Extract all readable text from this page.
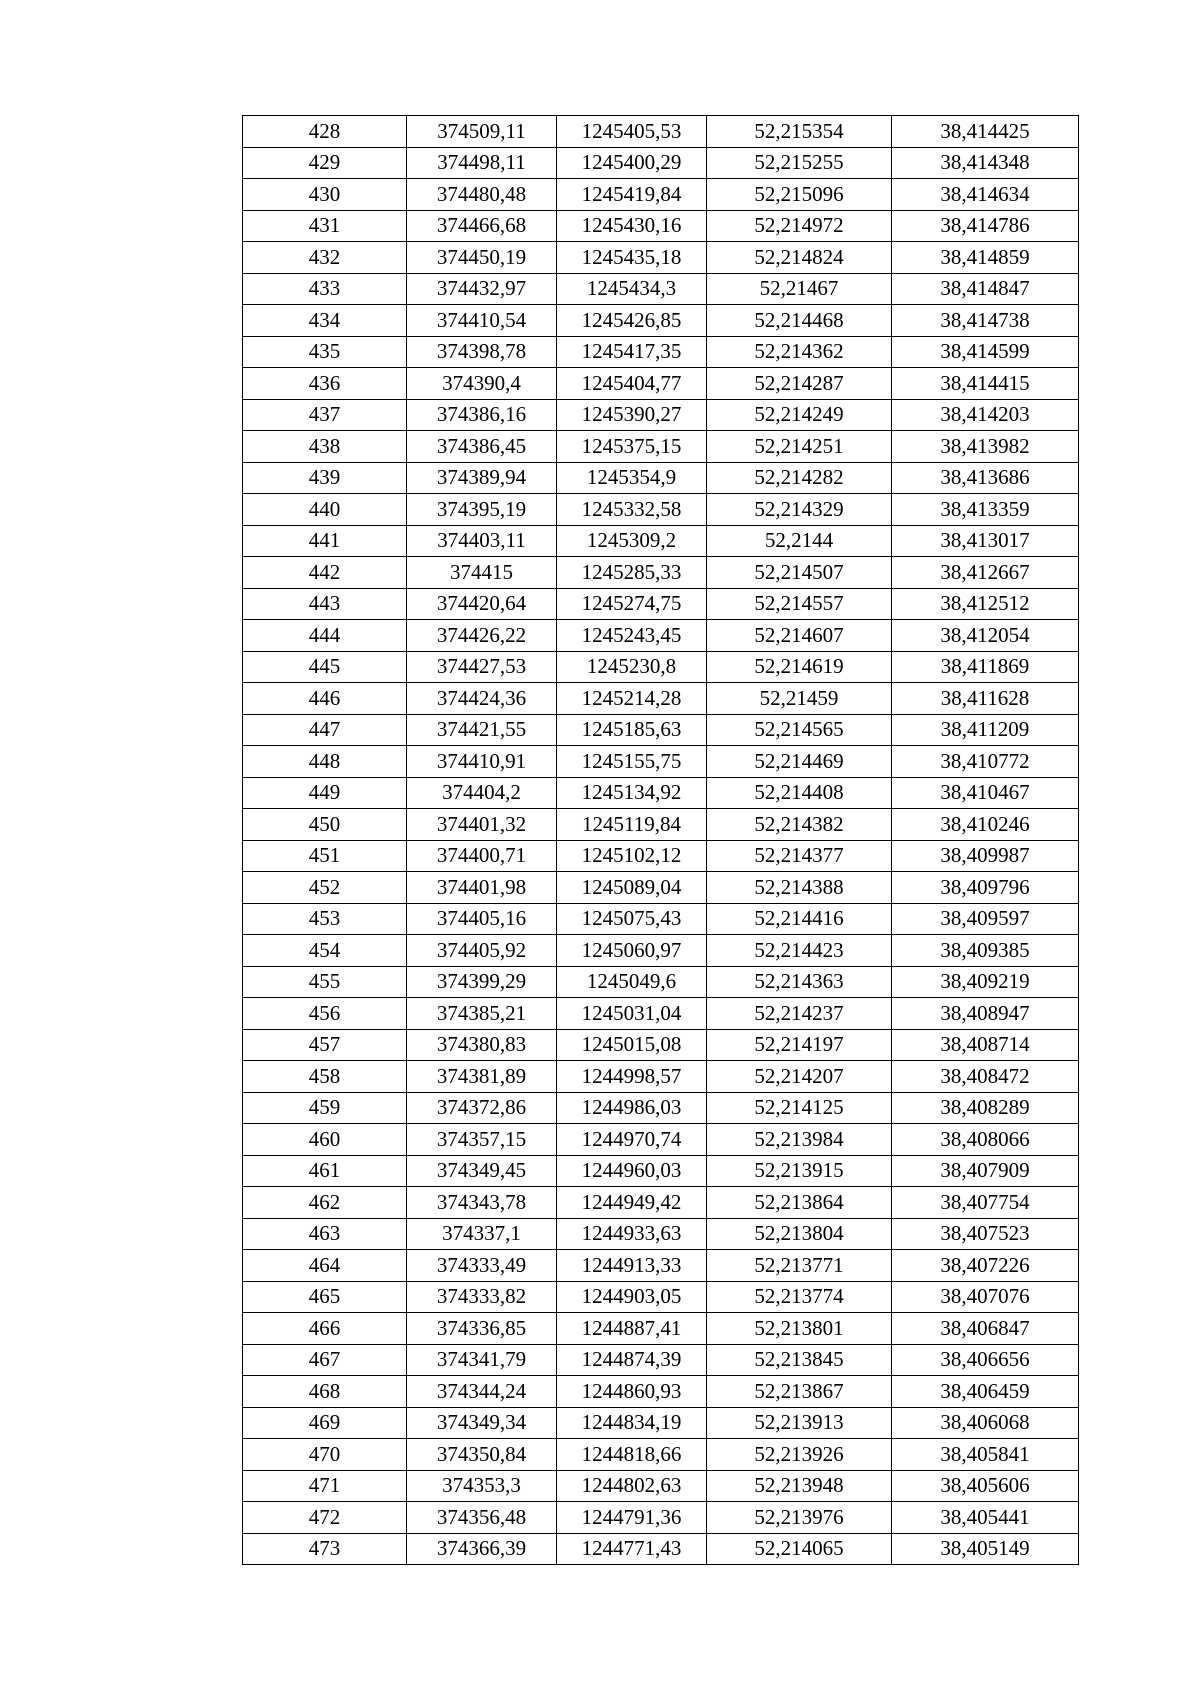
428	374509,11	1245405,53	52,215354	38,414425
429	374498,11	1245400,29	52,215255	38,414348
430	374480,48	1245419,84	52,215096	38,414634
431	374466,68	1245430,16	52,214972	38,414786
432	374450,19	1245435,18	52,214824	38,414859
433	374432,97	1245434,3	52,21467	38,414847
434	374410,54	1245426,85	52,214468	38,414738
435	374398,78	1245417,35	52,214362	38,414599
436	374390,4	1245404,77	52,214287	38,414415
437	374386,16	1245390,27	52,214249	38,414203
438	374386,45	1245375,15	52,214251	38,413982
439	374389,94	1245354,9	52,214282	38,413686
440	374395,19	1245332,58	52,214329	38,413359
441	374403,11	1245309,2	52,2144	38,413017
442	374415	1245285,33	52,214507	38,412667
443	374420,64	1245274,75	52,214557	38,412512
444	374426,22	1245243,45	52,214607	38,412054
445	374427,53	1245230,8	52,214619	38,411869
446	374424,36	1245214,28	52,21459	38,411628
447	374421,55	1245185,63	52,214565	38,411209
448	374410,91	1245155,75	52,214469	38,410772
449	374404,2	1245134,92	52,214408	38,410467
450	374401,32	1245119,84	52,214382	38,410246
451	374400,71	1245102,12	52,214377	38,409987
452	374401,98	1245089,04	52,214388	38,409796
453	374405,16	1245075,43	52,214416	38,409597
454	374405,92	1245060,97	52,214423	38,409385
455	374399,29	1245049,6	52,214363	38,409219
456	374385,21	1245031,04	52,214237	38,408947
457	374380,83	1245015,08	52,214197	38,408714
458	374381,89	1244998,57	52,214207	38,408472
459	374372,86	1244986,03	52,214125	38,408289
460	374357,15	1244970,74	52,213984	38,408066
461	374349,45	1244960,03	52,213915	38,407909
462	374343,78	1244949,42	52,213864	38,407754
463	374337,1	1244933,63	52,213804	38,407523
464	374333,49	1244913,33	52,213771	38,407226
465	374333,82	1244903,05	52,213774	38,407076
466	374336,85	1244887,41	52,213801	38,406847
467	374341,79	1244874,39	52,213845	38,406656
468	374344,24	1244860,93	52,213867	38,406459
469	374349,34	1244834,19	52,213913	38,406068
470	374350,84	1244818,66	52,213926	38,405841
471	374353,3	1244802,63	52,213948	38,405606
472	374356,48	1244791,36	52,213976	38,405441
473	374366,39	1244771,43	52,214065	38,405149
